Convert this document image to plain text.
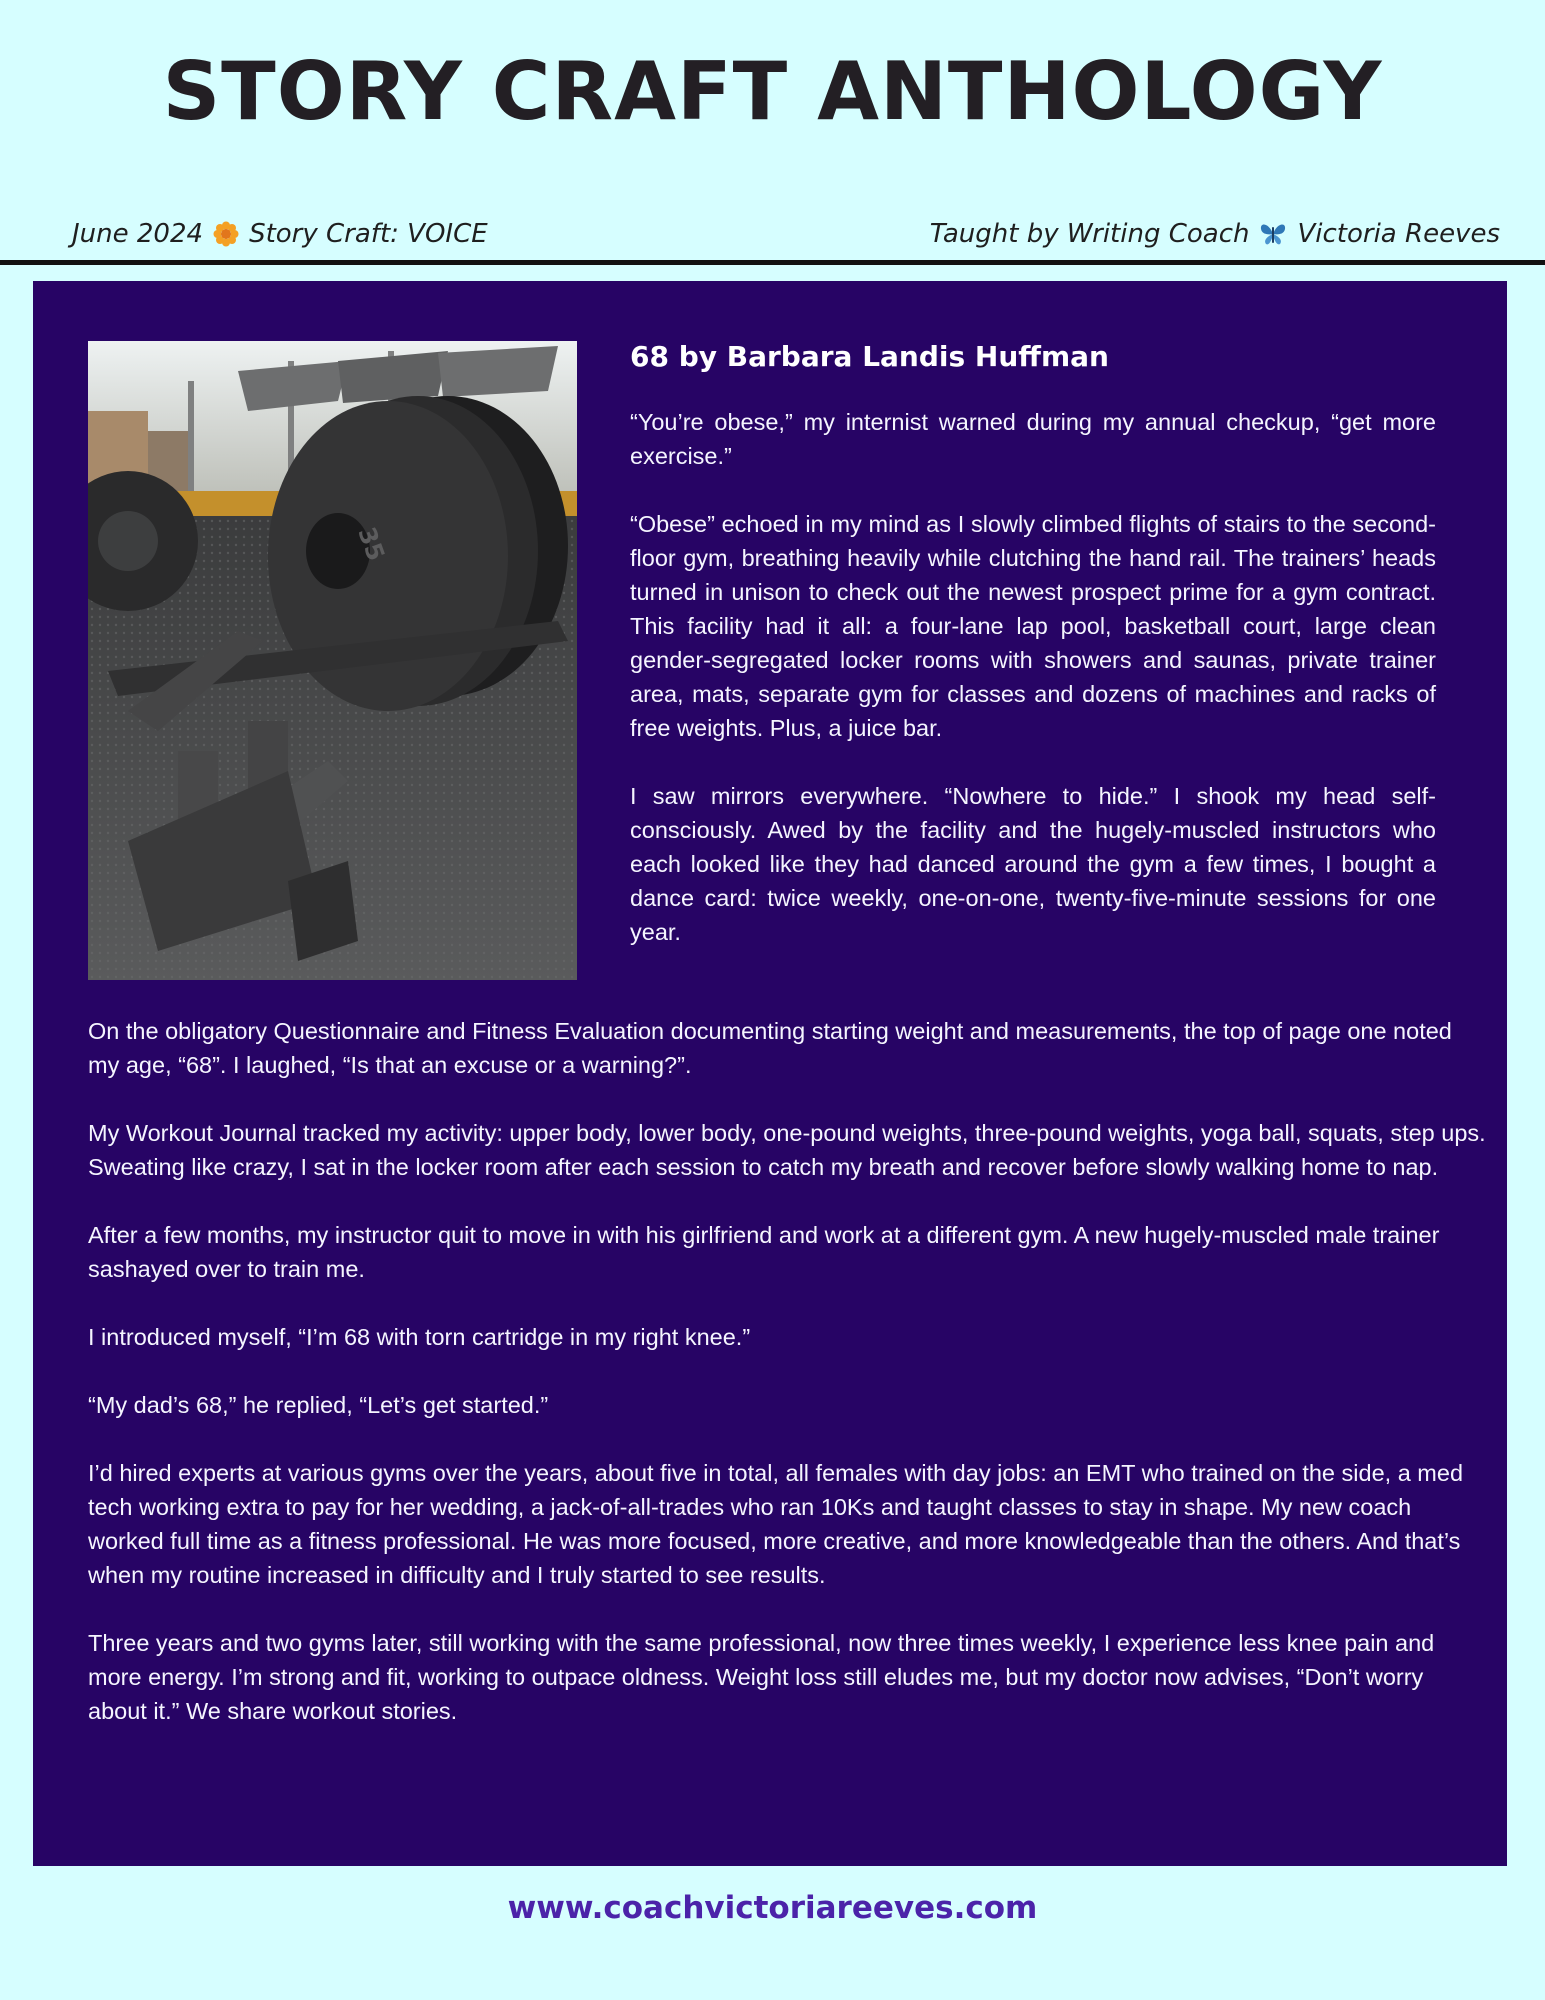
STORY CRAFT ANTHOLOGY
June 2024 Story Craft: VOICE	Taught by Writing Coach Victoria Reeves
35
68 by Barbara Landis Huffman

“You’re obese,” my internist warned during my annual checkup, “get more exercise.”

“Obese” echoed in my mind as I slowly climbed flights of stairs to the second-floor gym, breathing heavily while clutching the hand rail. The trainers’ heads turned in unison to check out the newest prospect prime for a gym contract. This facility had it all: a four-lane lap pool, basketball court, large clean gender-segregated locker rooms with showers and saunas, private trainer area, mats, separate gym for classes and dozens of machines and racks of free weights. Plus, a juice bar.

I saw mirrors everywhere. “Nowhere to hide.” I shook my head self-consciously. Awed by the facility and the hugely-muscled instructors who each looked like they had danced around the gym a few times, I bought a dance card: twice weekly, one-on-one, twenty-five-minute sessions for one year.

On the obligatory Questionnaire and Fitness Evaluation documenting starting weight and measurements, the top of page one noted my age, “68”. I laughed, “Is that an excuse or a warning?”.

My Workout Journal tracked my activity: upper body, lower body, one-pound weights, three-pound weights, yoga ball, squats, step ups. Sweating like crazy, I sat in the locker room after each session to catch my breath and recover before slowly walking home to nap.

After a few months, my instructor quit to move in with his girlfriend and work at a different gym. A new hugely-muscled male trainer sashayed over to train me.

I introduced myself, “I’m 68 with torn cartridge in my right knee.”

“My dad’s 68,” he replied, “Let’s get started.”

I’d hired experts at various gyms over the years, about five in total, all females with day jobs: an EMT who trained on the side, a med tech working extra to pay for her wedding, a jack-of-all-trades who ran 10Ks and taught classes to stay in shape. My new coach worked full time as a fitness professional. He was more focused, more creative, and more knowledgeable than the others. And that’s when my routine increased in difficulty and I truly started to see results.

Three years and two gyms later, still working with the same professional, now three times weekly, I experience less knee pain and more energy. I’m strong and fit, working to outpace oldness. Weight loss still eludes me, but my doctor now advises, “Don’t worry about it.” We share workout stories.

www.coachvictoriareeves.com
